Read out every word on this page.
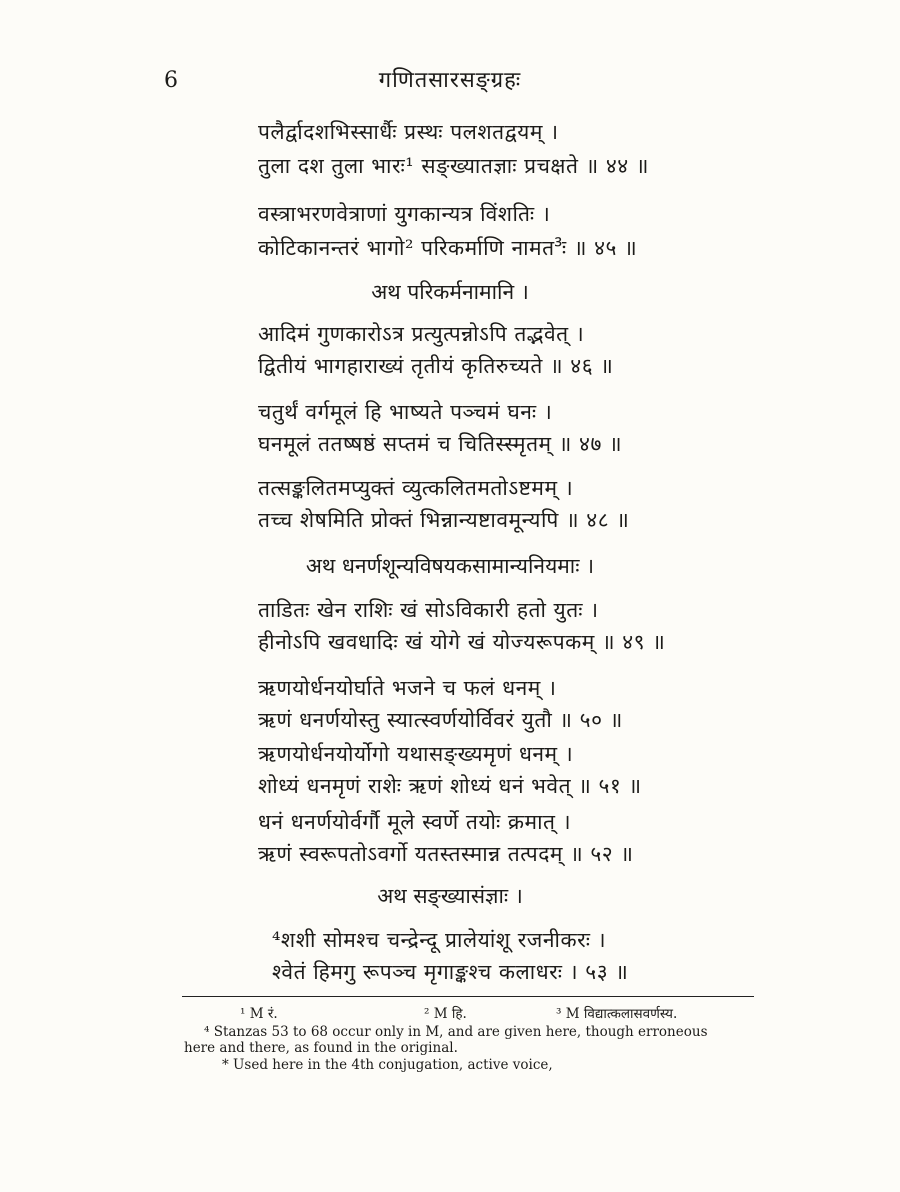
6	गणितसारसङ्ग्रहः
पलैर्द्वादशभिस्सार्धैः प्रस्थः पलशतद्वयम् ।
तुला दश तुला भारः¹ सङ्ख्यातज्ञाः प्रचक्षते ॥ ४४ ॥
वस्त्राभरणवेत्राणां युगकान्यत्र विंशतिः ।
कोटिकानन्तरं भागो² परिकर्माणि नामत³ः ॥ ४५ ॥
अथ परिकर्मनामानि ।
आदिमं गुणकारोऽत्र प्रत्युत्पन्नोऽपि तद्भवेत् ।
द्वितीयं भागहाराख्यं तृतीयं कृतिरुच्यते ॥ ४६ ॥
चतुर्थं वर्गमूलं हि भाष्यते पञ्चमं घनः ।
घनमूलं ततष्षष्ठं सप्तमं च चितिस्स्मृतम् ॥ ४७ ॥
तत्सङ्कलितमप्युक्तं व्युत्कलितमतोऽष्टमम् ।
तच्च शेषमिति प्रोक्तं भिन्नान्यष्टावमून्यपि ॥ ४८ ॥
अथ धनर्णशून्यविषयकसामान्यनियमाः ।
ताडितः खेन राशिः खं सोऽविकारी हतो युतः ।
हीनोऽपि खवधादिः खं योगे खं योज्यरूपकम् ॥ ४९ ॥
ऋणयोर्धनयोर्घाते भजने च फलं धनम् ।
ऋणं धनर्णयोस्तु स्यात्स्वर्णयोर्विवरं युतौ ॥ ५० ॥
ऋणयोर्धनयोर्योगो यथासङ्ख्यमृणं धनम् ।
शोध्यं धनमृणं राशेः ऋणं शोध्यं धनं भवेत् ॥ ५१ ॥
धनं धनर्णयोर्वर्गौ मूले स्वर्णे तयोः क्रमात् ।
ऋणं स्वरूपतोऽवर्गो यतस्तस्मान्न तत्पदम् ॥ ५२ ॥
अथ सङ्ख्यासंज्ञाः ।
⁴शशी सोमश्च चन्द्रेन्दू प्रालेयांशू रजनीकरः ।
श्वेतं हिमगु रूपञ्च मृगाङ्कश्च कलाधरः । ५३ ॥
¹ M रं.	² M हि.	³ M विद्यात्कलासवर्णस्य.
⁴ Stanzas 53 to 68 occur only in M, and are given here, though erroneous
here and there, as found in the original.
* Used here in the 4th conjugation, active voice,
